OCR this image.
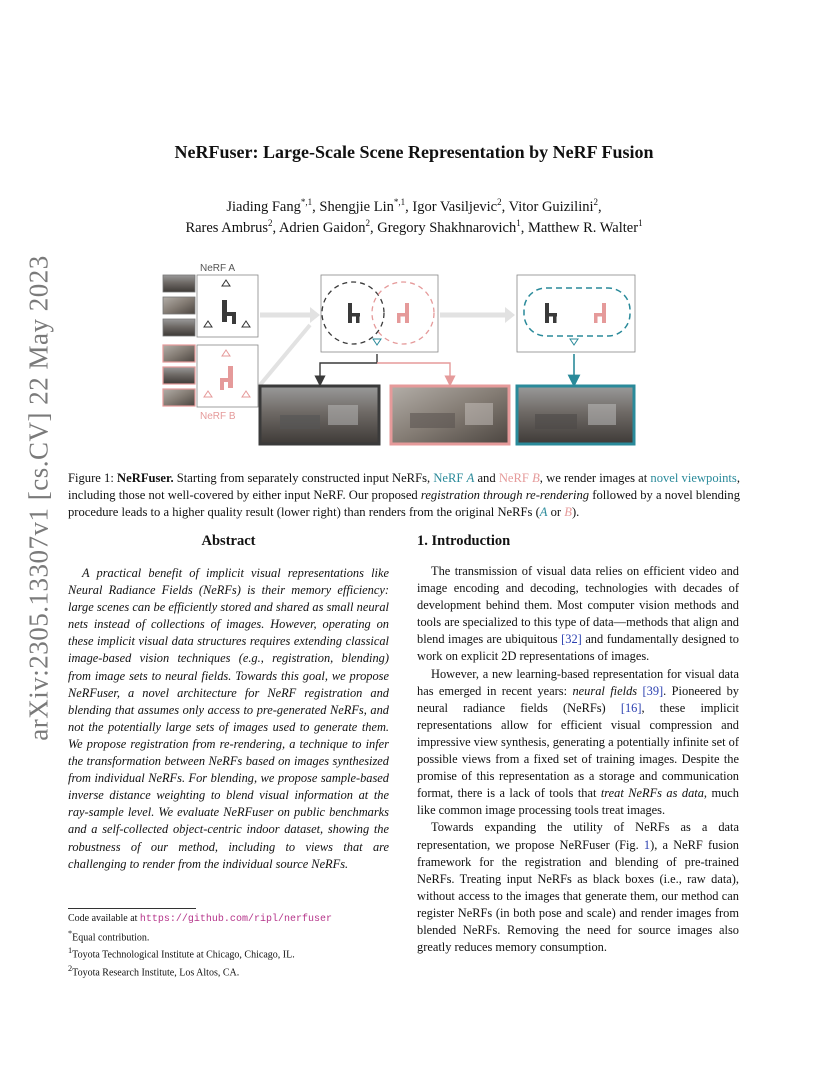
arXiv:2305.13307v1 [cs.CV] 22 May 2023
NeRFuser: Large-Scale Scene Representation by NeRF Fusion
Jiading Fang$^{*,1}$, Shengjie Lin$^{*,1}$, Igor Vasiljevic$^2$, Vitor Guizilini$^2$,
Rares Ambrus$^2$, Adrien Gaidon$^2$, Gregory Shakhnarovich$^1$, Matthew R. Walter$^1$
NeRF A
NeRF B
Figure 1: NeRFuser. Starting from separately constructed input NeRFs, NeRF A and NeRF B, we render images at novel viewpoints, including those not well-covered by either input NeRF. Our proposed registration through re-rendering followed by a novel blending procedure leads to a higher quality result (lower right) than renders from the original NeRFs (A or B).
Abstract

A practical benefit of implicit visual representations like Neural Radiance Fields (NeRFs) is their memory efficiency: large scenes can be efficiently stored and shared as small neural nets instead of collections of images. However, operating on these implicit visual data structures requires extending classical image-based vision techniques (e.g., registration, blending) from image sets to neural fields. Towards this goal, we propose NeRFuser, a novel architecture for NeRF registration and blending that assumes only access to pre-generated NeRFs, and not the potentially large sets of images used to generate them. We propose registration from re-rendering, a technique to infer the transformation between NeRFs based on images synthesized from individual NeRFs. For blending, we propose sample-based inverse distance weighting to blend visual information at the ray-sample level. We evaluate NeRFuser on public benchmarks and a self-collected object-centric indoor dataset, showing the robustness of our method, including to views that are challenging to render from the individual source NeRFs.

Code available at https://github.com/ripl/nerfuser
*Equal contribution.
$^1$Toyota Technological Institute at Chicago, Chicago, IL.
$^2$Toyota Research Institute, Los Altos, CA.
1. Introduction

The transmission of visual data relies on efficient video and image encoding and decoding, technologies with decades of development behind them. Most computer vision methods and tools are specialized to this type of data—methods that align and blend images are ubiquitous [32] and fundamentally designed to work on explicit 2D representations of images.

However, a new learning-based representation for visual data has emerged in recent years: neural fields [39]. Pioneered by neural radiance fields (NeRFs) [16], these implicit representations allow for efficient visual compression and impressive view synthesis, generating a potentially infinite set of possible views from a fixed set of training images. Despite the promise of this representation as a storage and communication format, there is a lack of tools that treat NeRFs as data, much like common image processing tools treat images.

Towards expanding the utility of NeRFs as a data representation, we propose NeRFuser (Fig. 1), a NeRF fusion framework for the registration and blending of pre-trained NeRFs. Treating input NeRFs as black boxes (i.e., raw data), without access to the images that generate them, our method can register NeRFs (in both pose and scale) and render images from blended NeRFs. Removing the need for source images also greatly reduces memory consumption.
